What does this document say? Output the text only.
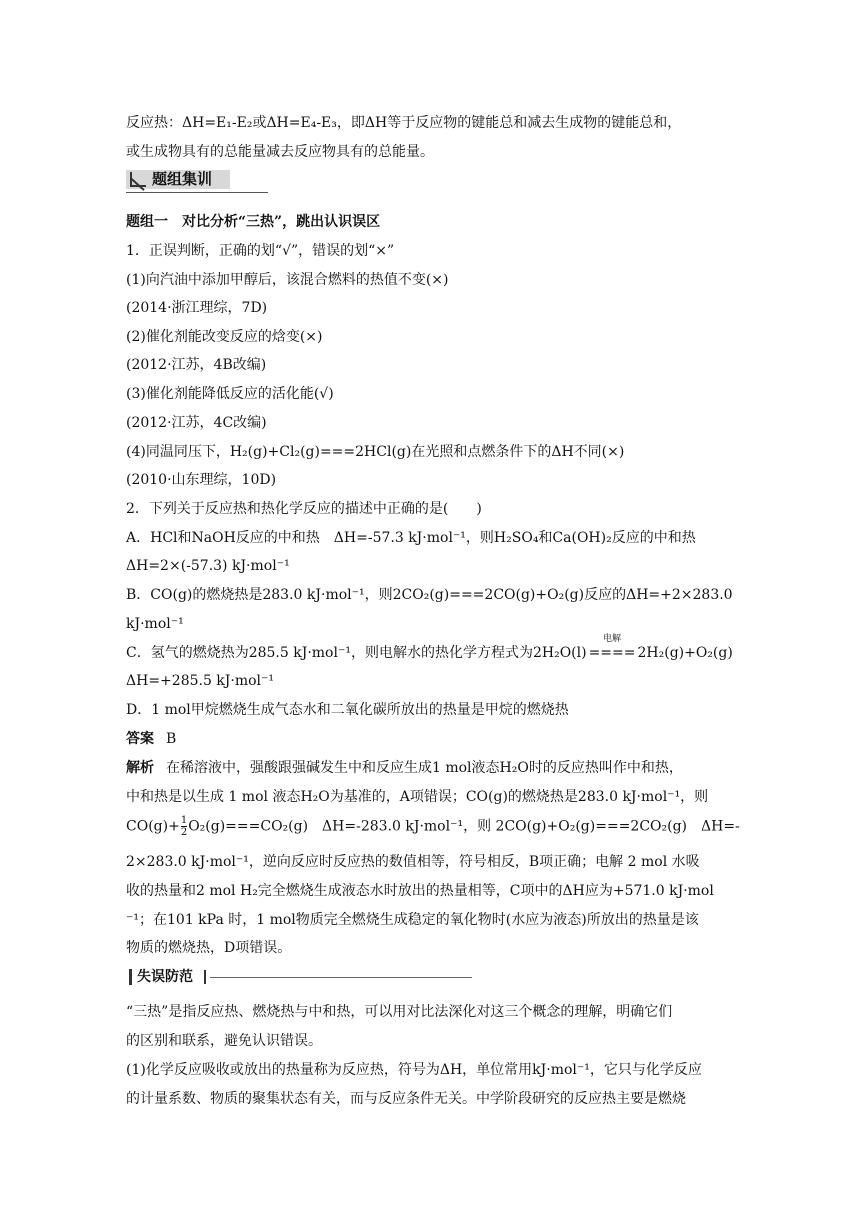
反应热：ΔH=E₁-E₂或ΔH=E₄-E₃，即ΔH等于反应物的键能总和减去生成物的键能总和，
或生成物具有的总能量减去反应物具有的总能量。
题组集训
题组一　对比分析“三热”，跳出认识误区
1．正误判断，正确的划“√”，错误的划“×”
(1)向汽油中添加甲醇后，该混合燃料的热值不变(×)
(2014·浙江理综，7D)
(2)催化剂能改变反应的焓变(×)
(2012·江苏，4B改编)
(3)催化剂能降低反应的活化能(√)
(2012·江苏，4C改编)
(4)同温同压下，H₂(g)+Cl₂(g)===2HCl(g)在光照和点燃条件下的ΔH不同(×)
(2010·山东理综，10D)
2．下列关于反应热和热化学反应的描述中正确的是(　　)
A．HCl和NaOH反应的中和热　ΔH=-57.3 kJ·mol⁻¹，则H₂SO₄和Ca(OH)₂反应的中和热
ΔH=2×(-57.3) kJ·mol⁻¹
B．CO(g)的燃烧热是283.0 kJ·mol⁻¹，则2CO₂(g)===2CO(g)+O₂(g)反应的ΔH=+2×283.0
kJ·mol⁻¹
C．氢气的燃烧热为285.5 kJ·mol⁻¹，则电解水的热化学方程式为2H₂O(l)
电解
==== 2H₂(g)+O₂(g)
ΔH=+285.5 kJ·mol⁻¹
D．1 mol甲烷燃烧生成气态水和二氧化碳所放出的热量是甲烷的燃烧热
答案 B
解析 在稀溶液中，强酸跟强碱发生中和反应生成1 mol液态H₂O时的反应热叫作中和热，
中和热是以生成 1 mol 液态H₂O为基准的，A项错误；CO(g)的燃烧热是283.0 kJ·mol⁻¹，则
$CO(g)+ \frac{1}{2} O_2(g)===CO_2(g)$　ΔH=-283.0 kJ·mol⁻¹，则 2CO(g)+O₂(g)===2CO₂(g)　ΔH=-
2×283.0 kJ·mol⁻¹，逆向反应时反应热的数值相等，符号相反，B项正确；电解 2 mol 水吸
收的热量和2 mol H₂完全燃烧生成液态水时放出的热量相等，C项中的ΔH应为+571.0 kJ·mol
⁻¹；在101 kPa 时，1 mol物质完全燃烧生成稳定的氧化物时(水应为液态)所放出的热量是该
物质的燃烧热，D项错误。
失误防范
“三热”是指反应热、燃烧热与中和热，可以用对比法深化对这三个概念的理解，明确它们
的区别和联系，避免认识错误。
(1)化学反应吸收或放出的热量称为反应热，符号为ΔH，单位常用kJ·mol⁻¹，它只与化学反应
的计量系数、物质的聚集状态有关，而与反应条件无关。中学阶段研究的反应热主要是燃烧
